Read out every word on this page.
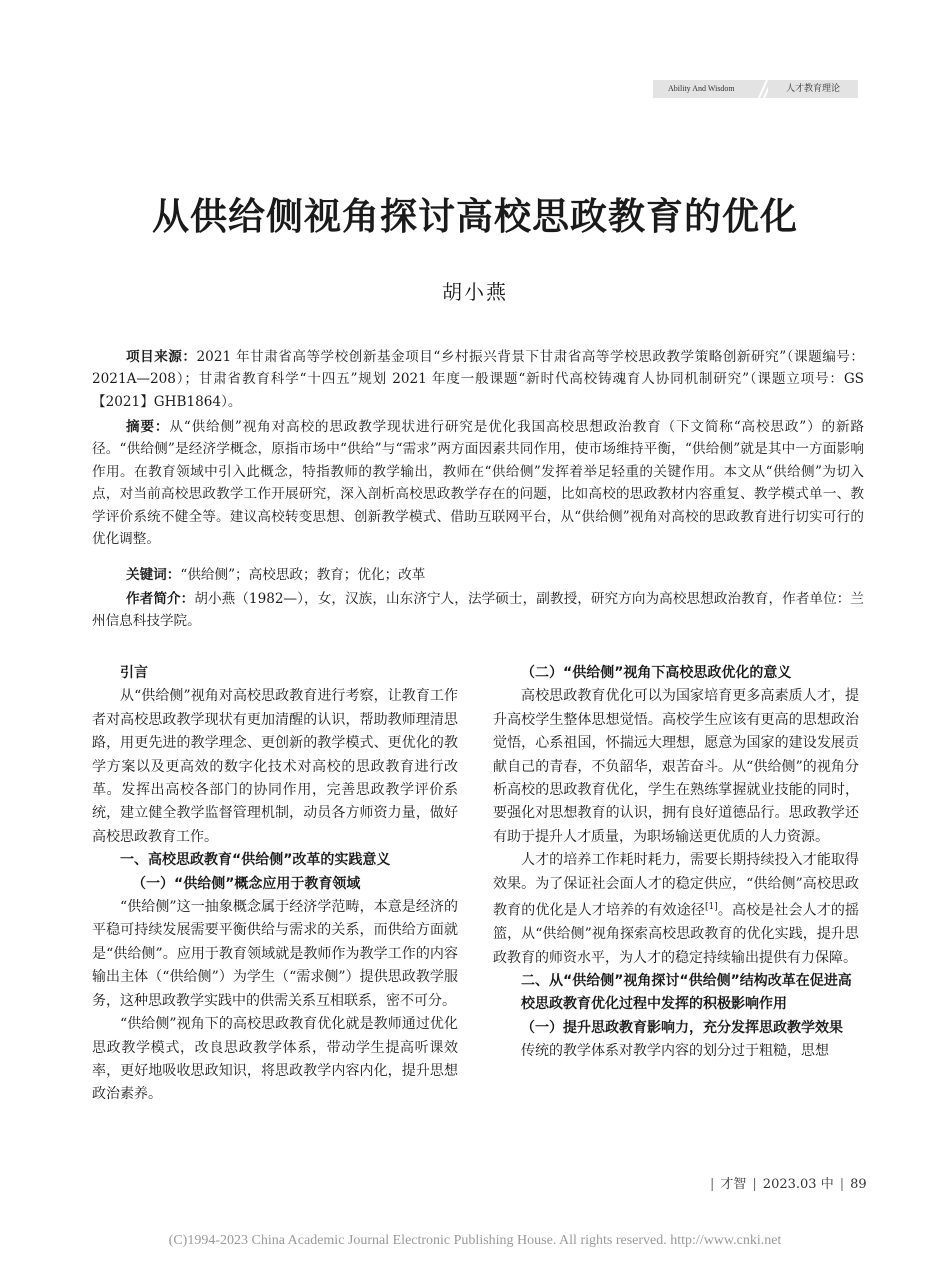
Ability And Wisdom	人才教育理论
从供给侧视角探讨高校思政教育的优化
胡小燕
项目来源：2021 年甘肃省高等学校创新基金项目“乡村振兴背景下甘肃省高等学校思政教学策略创新研究”（课题编号：2021A—208）；甘肃省教育科学“十四五”规划 2021 年度一般课题“新时代高校铸魂育人协同机制研究”（课题立项号：GS【2021】GHB1864）。
摘要：从“供给侧”视角对高校的思政教学现状进行研究是优化我国高校思想政治教育（下文简称“高校思政”）的新路径。“供给侧”是经济学概念，原指市场中“供给”与“需求”两方面因素共同作用，使市场维持平衡，“供给侧”就是其中一方面影响作用。在教育领域中引入此概念，特指教师的教学输出，教师在“供给侧”发挥着举足轻重的关键作用。本文从“供给侧”为切入点，对当前高校思政教学工作开展研究，深入剖析高校思政教学存在的问题，比如高校的思政教材内容重复、教学模式单一、教学评价系统不健全等。建议高校转变思想、创新教学模式、借助互联网平台，从“供给侧”视角对高校的思政教育进行切实可行的优化调整。
关键词：“供给侧”；高校思政；教育；优化；改革
作者简介：胡小燕（1982—），女，汉族，山东济宁人，法学硕士，副教授，研究方向为高校思想政治教育，作者单位：兰州信息科技学院。

引言

从“供给侧”视角对高校思政教育进行考察，让教育工作者对高校思政教学现状有更加清醒的认识，帮助教师理清思路，用更先进的教学理念、更创新的教学模式、更优化的教学方案以及更高效的数字化技术对高校的思政教育进行改革。发挥出高校各部门的协同作用，完善思政教学评价系统，建立健全教学监督管理机制，动员各方师资力量，做好高校思政教育工作。

一、高校思政教育“供给侧”改革的实践意义

（一）“供给侧”概念应用于教育领域

“供给侧”这一抽象概念属于经济学范畴，本意是经济的平稳可持续发展需要平衡供给与需求的关系，而供给方面就是“供给侧”。应用于教育领域就是教师作为教学工作的内容输出主体（“供给侧”）为学生（“需求侧”）提供思政教学服务，这种思政教学实践中的供需关系互相联系，密不可分。

“供给侧”视角下的高校思政教育优化就是教师通过优化思政教学模式，改良思政教学体系，带动学生提高听课效率，更好地吸收思政知识，将思政教学内容内化，提升思想政治素养。

（二）“供给侧”视角下高校思政优化的意义

高校思政教育优化可以为国家培育更多高素质人才，提升高校学生整体思想觉悟。高校学生应该有更高的思想政治觉悟，心系祖国，怀揣远大理想，愿意为国家的建设发展贡献自己的青春，不负韶华，艰苦奋斗。从“供给侧”的视角分析高校的思政教育优化，学生在熟练掌握就业技能的同时，要强化对思想教育的认识，拥有良好道德品行。思政教学还有助于提升人才质量，为职场输送更优质的人力资源。

人才的培养工作耗时耗力，需要长期持续投入才能取得效果。为了保证社会面人才的稳定供应，“供给侧”高校思政教育的优化是人才培养的有效途径[1]。高校是社会人才的摇篮，从“供给侧”视角探索高校思政教育的优化实践，提升思政教育的师资水平，为人才的稳定持续输出提供有力保障。

二、从“供给侧”视角探讨“供给侧”结构改革在促进高校思政教育优化过程中发挥的积极影响作用

（一）提升思政教育影响力，充分发挥思政教学效果

传统的教学体系对教学内容的划分过于粗糙，思想

| 才智 | 2023.03 中 | 89
(C)1994-2023 China Academic Journal Electronic Publishing House. All rights reserved. http://www.cnki.net
